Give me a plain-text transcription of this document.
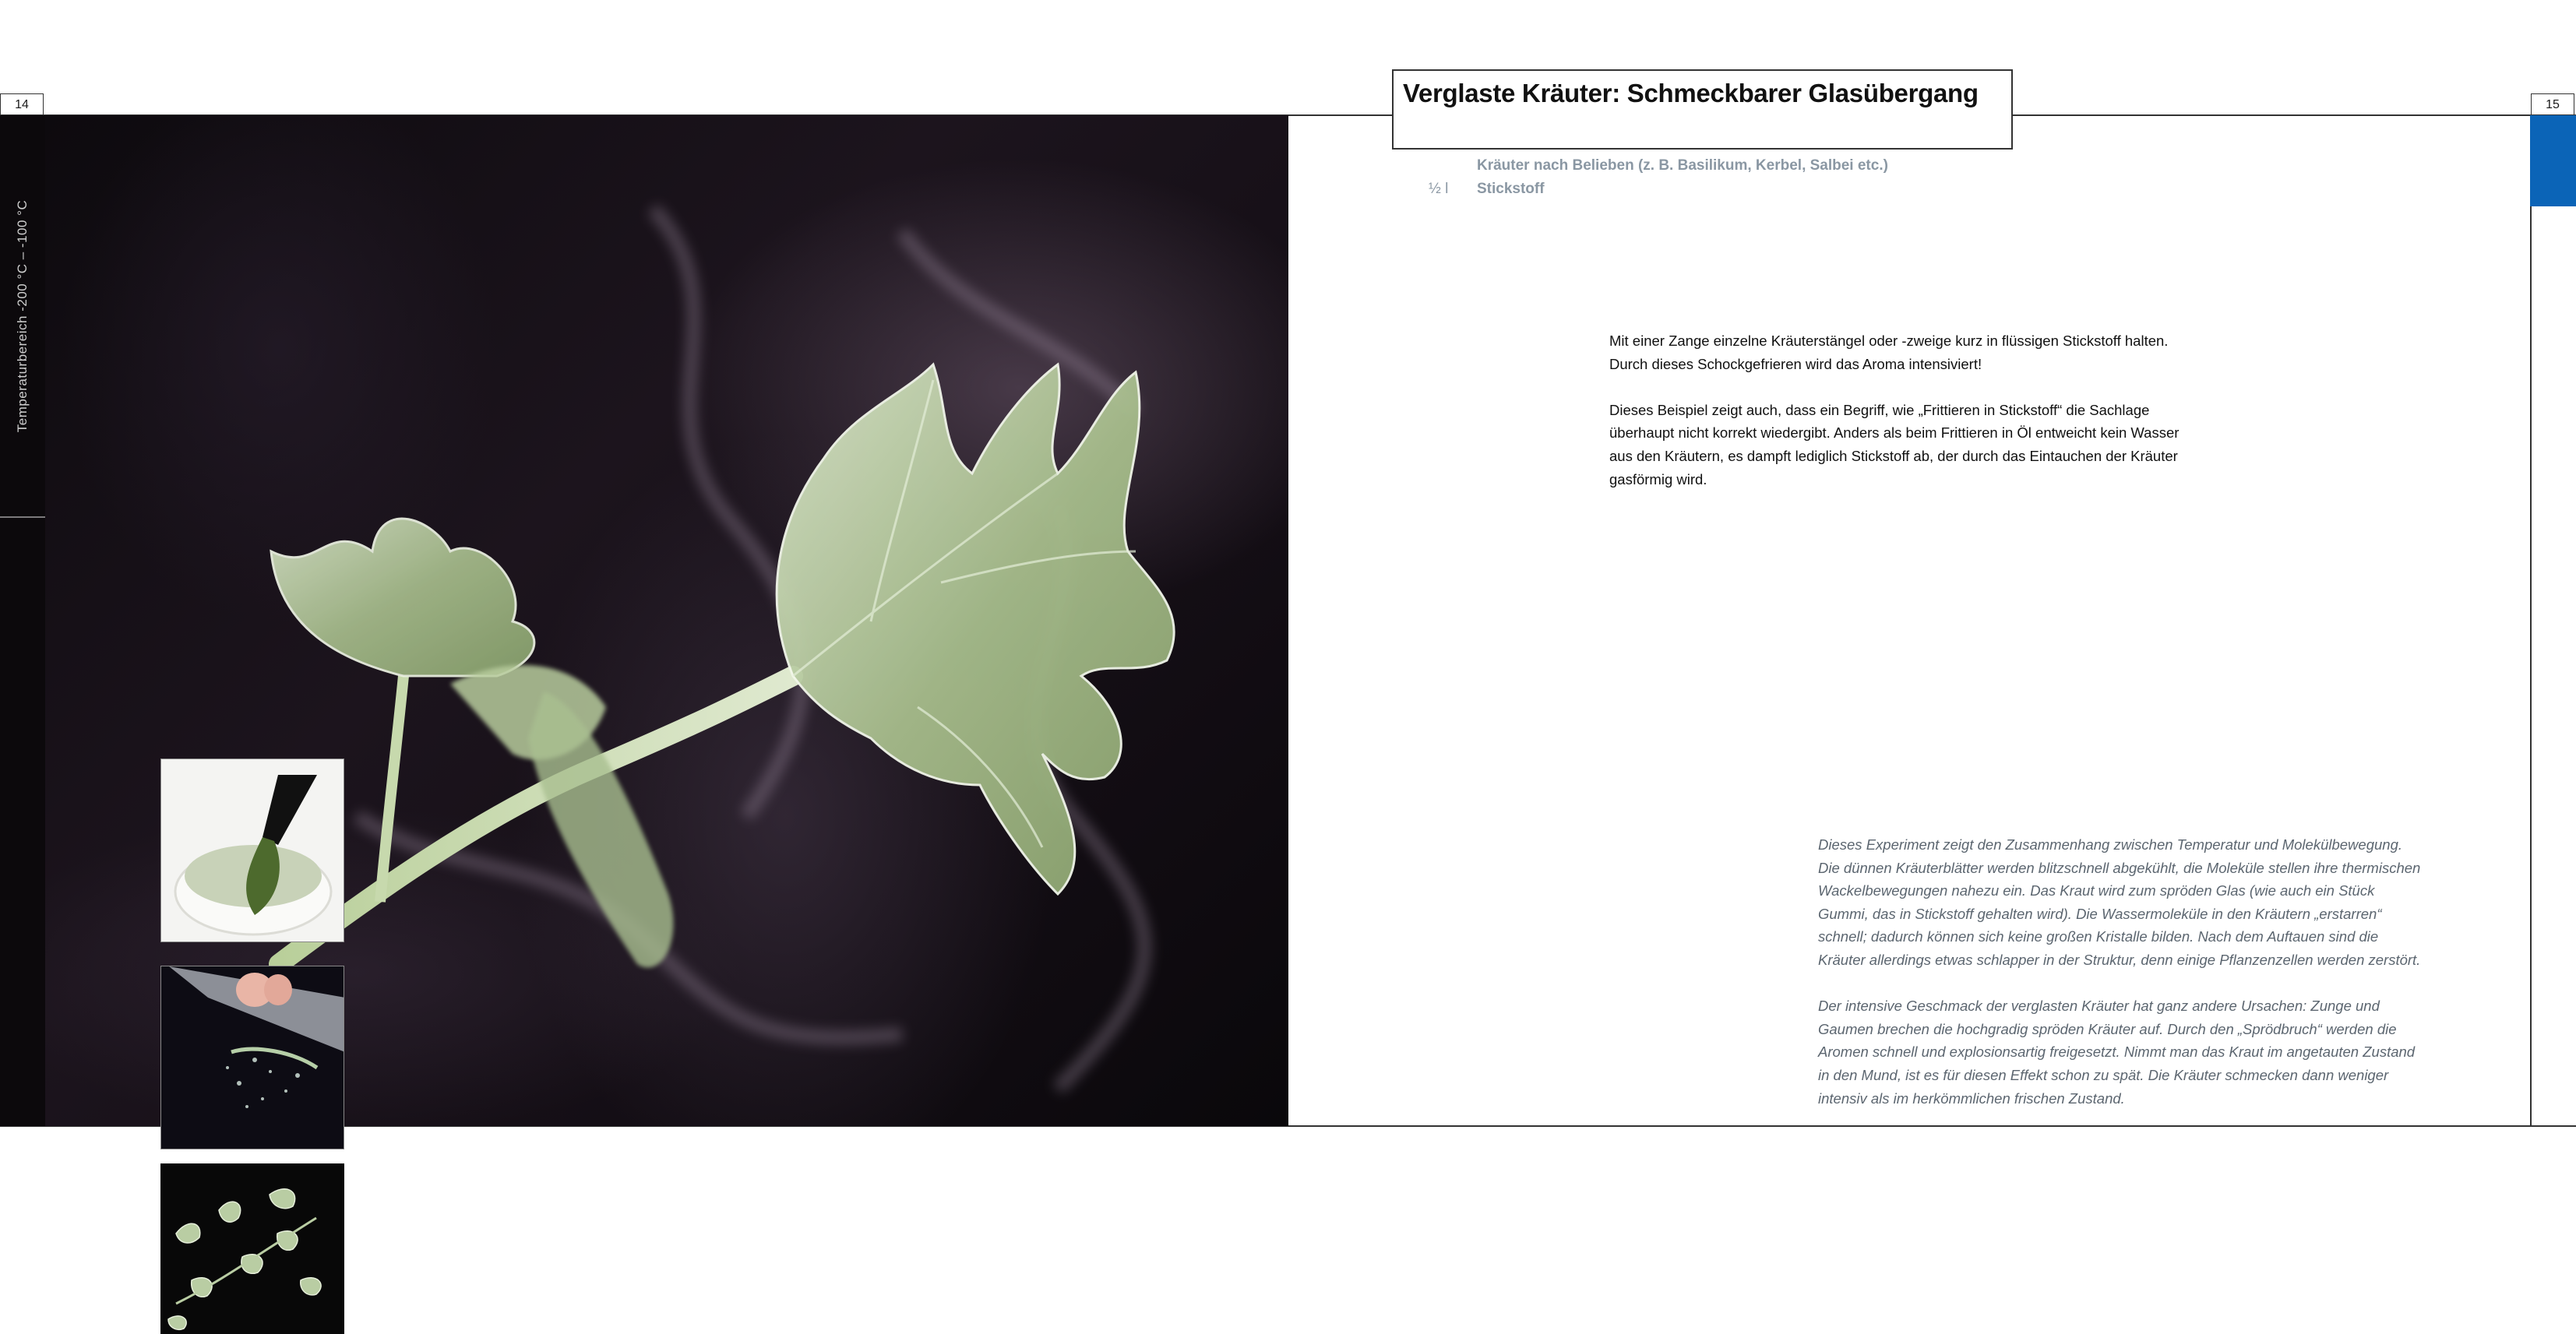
14	15
Temperaturbereich -200 °C – -100 °C
Verglaste Kräuter: Schmeckbarer Glasübergang
Kräuter nach Belieben (z. B. Basilikum, Kerbel, Salbei etc.)
½ l Stickstoff

Mit einer Zange einzelne Kräuterstängel oder -zweige kurz in flüssigen Stickstoff halten. Durch dieses Schockgefrieren wird das Aroma intensiviert!

Dieses Beispiel zeigt auch, dass ein Begriff, wie „Frittieren in Stickstoff“ die Sachlage überhaupt nicht korrekt wiedergibt. Anders als beim Frittieren in Öl entweicht kein Wasser aus den Kräutern, es dampft lediglich Stickstoff ab, der durch das Eintauchen der Kräuter gasförmig wird.

Dieses Experiment zeigt den Zusammenhang zwischen Temperatur und Molekülbewegung. Die dünnen Kräuterblätter werden blitzschnell abgekühlt, die Moleküle stellen ihre thermischen Wackelbewegungen nahezu ein. Das Kraut wird zum spröden Glas (wie auch ein Stück Gummi, das in Stickstoff gehalten wird). Die Wassermoleküle in den Kräutern „erstarren“ schnell; dadurch können sich keine großen Kristalle bilden. Nach dem Auftauen sind die Kräuter allerdings etwas schlapper in der Struktur, denn einige Pflanzenzellen werden zerstört.

Der intensive Geschmack der verglasten Kräuter hat ganz andere Ursachen: Zunge und Gaumen brechen die hochgradig spröden Kräuter auf. Durch den „Sprödbruch“ werden die Aromen schnell und explosionsartig freigesetzt. Nimmt man das Kraut im angetauten Zustand in den Mund, ist es für diesen Effekt schon zu spät. Die Kräuter schmecken dann weniger intensiv als im herkömmlichen frischen Zustand.
